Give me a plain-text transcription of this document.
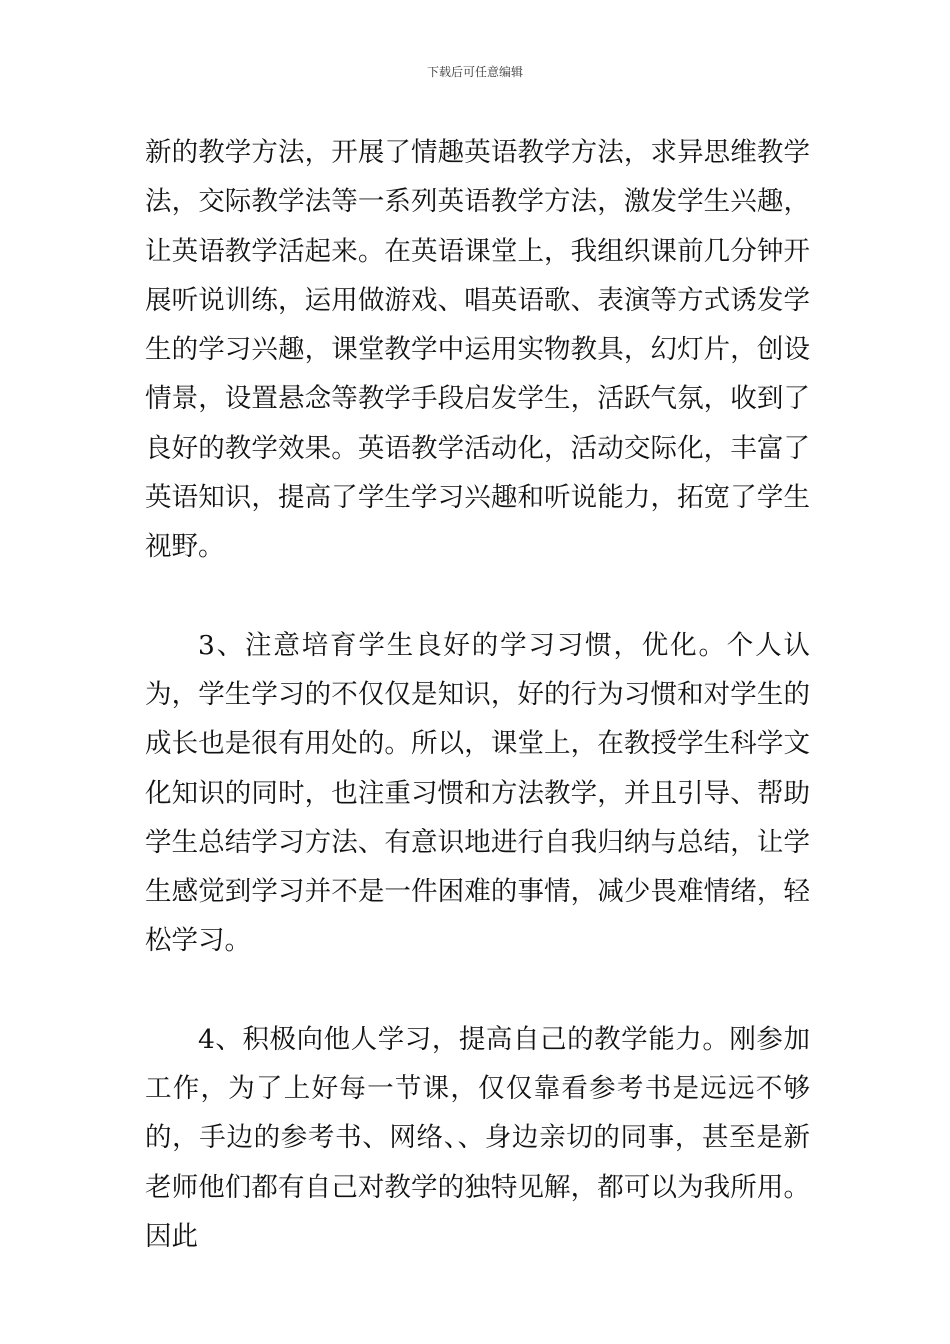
下载后可任意编辑

新的教学方法，开展了情趣英语教学方法，求异思维教学法，交际教学法等一系列英语教学方法，激发学生兴趣，让英语教学活起来。在英语课堂上，我组织课前几分钟开展听说训练，运用做游戏、唱英语歌、表演等方式诱发学生的学习兴趣，课堂教学中运用实物教具，幻灯片，创设情景，设置悬念等教学手段启发学生，活跃气氛，收到了良好的教学效果。英语教学活动化，活动交际化，丰富了英语知识，提高了学生学习兴趣和听说能力，拓宽了学生视野。

3、注意培育学生良好的学习习惯，优化。个人认为，学生学习的不仅仅是知识，好的行为习惯和对学生的成长也是很有用处的。所以，课堂上，在教授学生科学文化知识的同时，也注重习惯和方法教学，并且引导、帮助学生总结学习方法、有意识地进行自我归纳与总结，让学生感觉到学习并不是一件困难的事情，减少畏难情绪，轻松学习。

4、积极向他人学习，提高自己的教学能力。刚参加工作，为了上好每一节课，仅仅靠看参考书是远远不够的，手边的参考书、网络、、身边亲切的同事，甚至是新老师他们都有自己对教学的独特见解，都可以为我所用。因此
